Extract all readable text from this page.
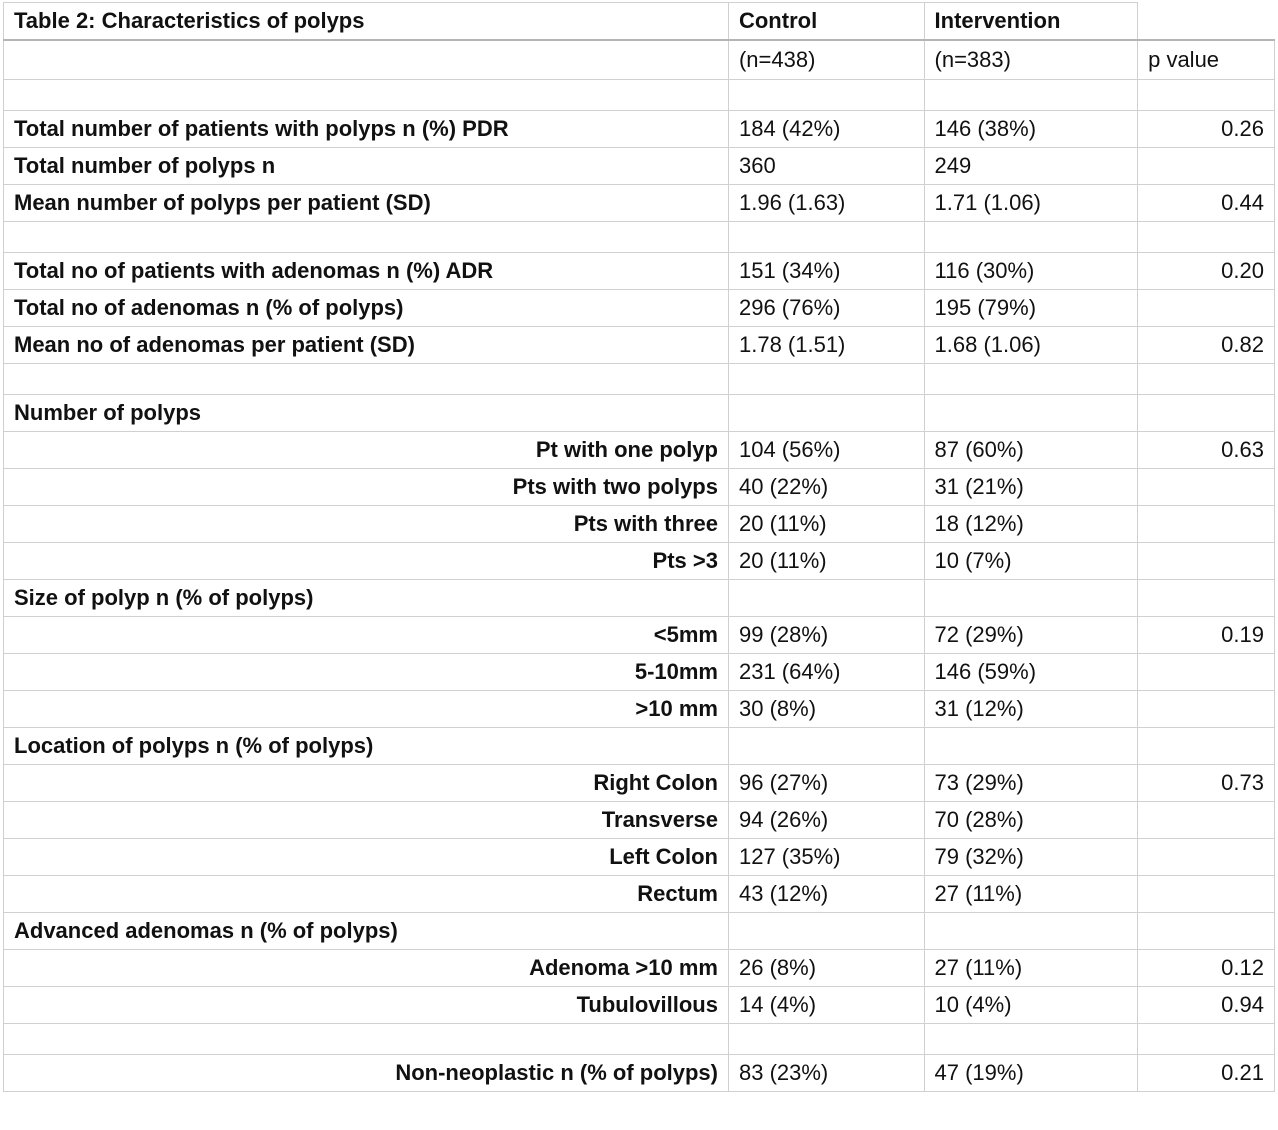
Table 2: Characteristics of polyps	Control	Intervention	
	(n=438)	(n=383)	p value

Total number of patients with polyps n (%) PDR	184 (42%)	146 (38%)	0.26
Total number of polyps n	360	249	
Mean number of polyps per patient (SD)	1.96 (1.63)	1.71 (1.06)	0.44

Total no of patients with adenomas n (%) ADR	151 (34%)	116 (30%)	0.20
Total no of adenomas n (% of polyps)	296 (76%)	195 (79%)	
Mean no of adenomas per patient (SD)	1.78 (1.51)	1.68 (1.06)	0.82

Number of polyps			
Pt with one polyp	104 (56%)	87 (60%)	0.63
Pts with two polyps	40 (22%)	31 (21%)	
Pts with three	20 (11%)	18 (12%)	
Pts >3	20 (11%)	10 (7%)	
Size of polyp n (% of polyps)			
<5mm	99 (28%)	72 (29%)	0.19
5-10mm	231 (64%)	146 (59%)	
>10 mm	30 (8%)	31 (12%)	
Location of polyps n (% of polyps)			
Right Colon	96 (27%)	73 (29%)	0.73
Transverse	94 (26%)	70 (28%)	
Left Colon	127 (35%)	79 (32%)	
Rectum	43 (12%)	27 (11%)	
Advanced adenomas n (% of polyps)			
Adenoma >10 mm	26 (8%)	27 (11%)	0.12
Tubulovillous	14 (4%)	10 (4%)	0.94

Non-neoplastic n (% of polyps)	83 (23%)	47 (19%)	0.21
